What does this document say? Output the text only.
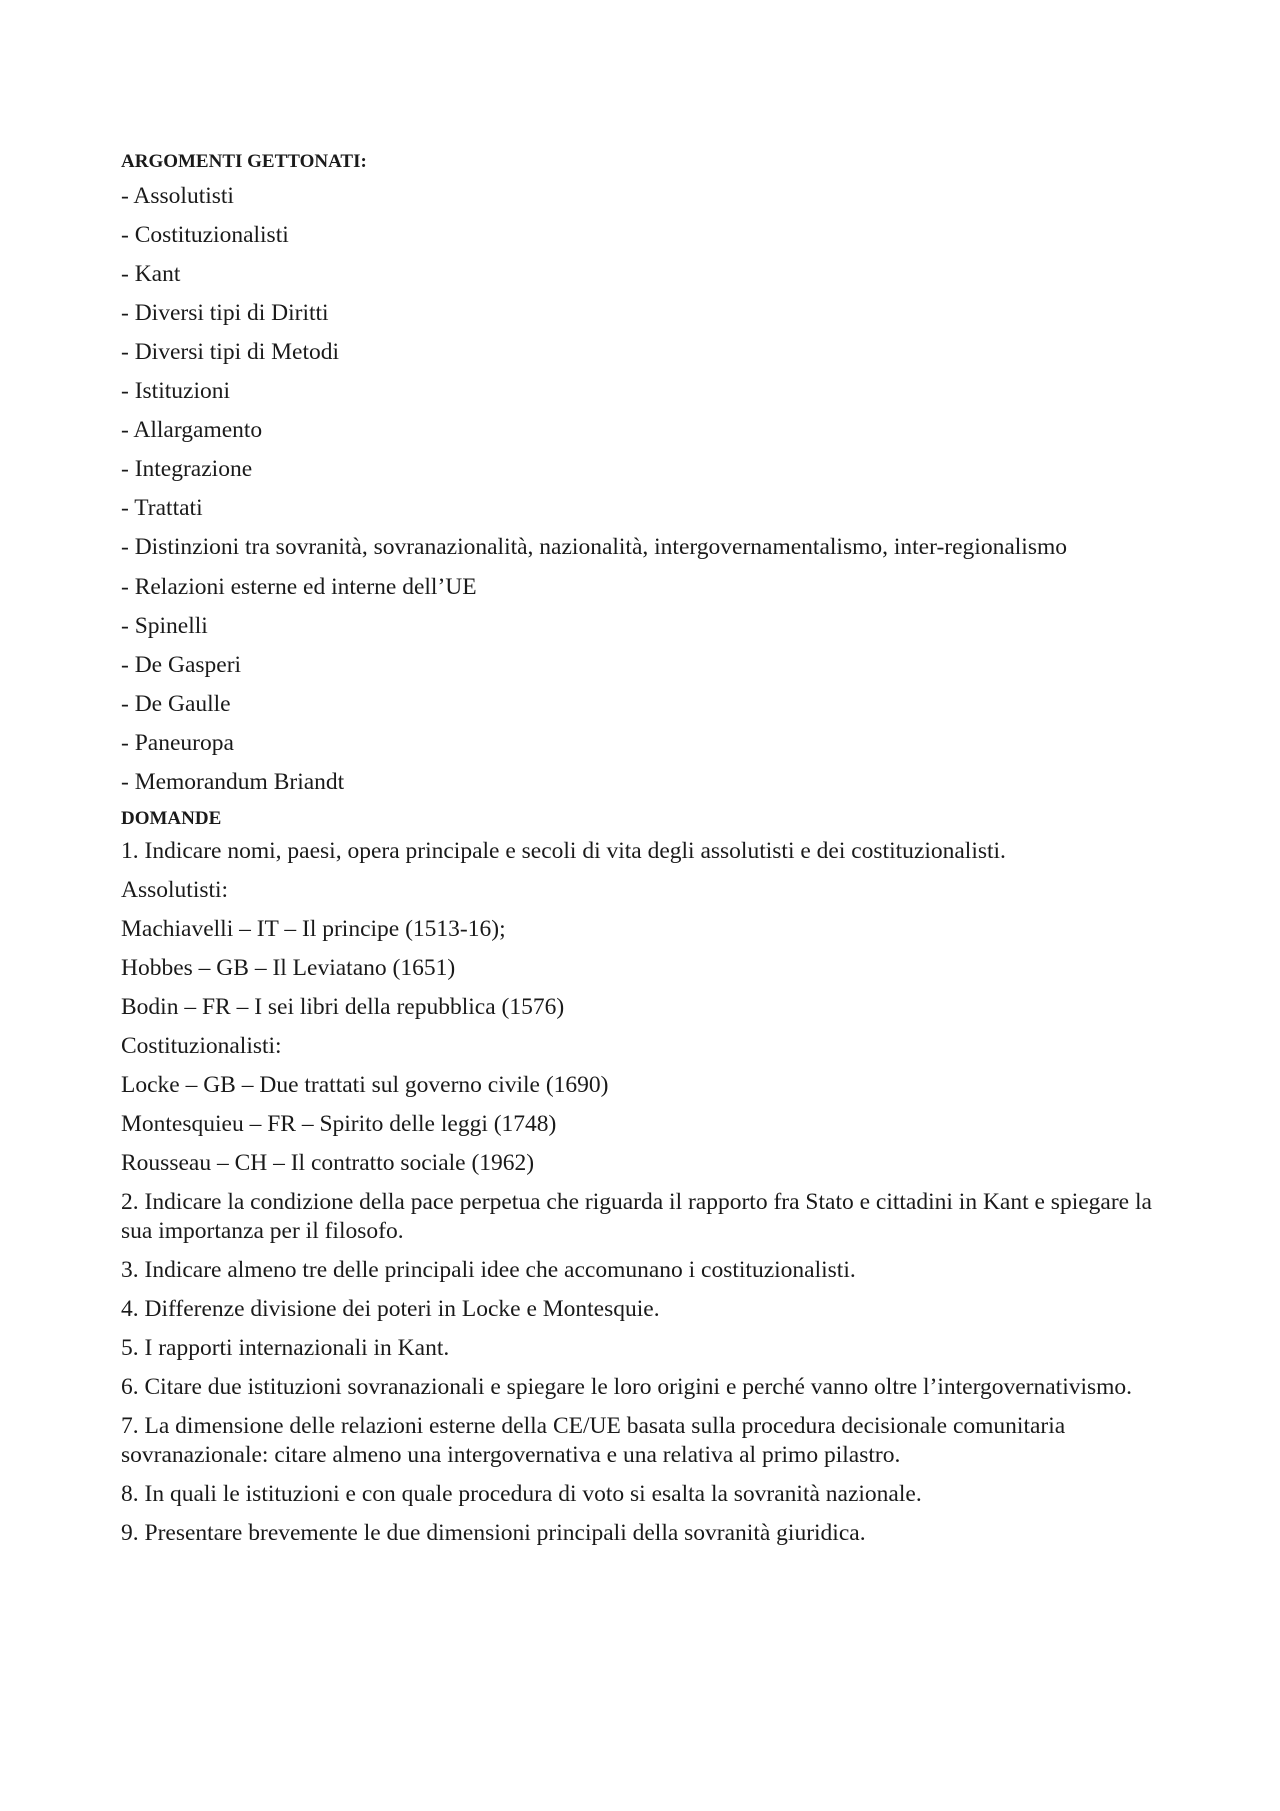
ARGOMENTI GETTONATI:
- Assolutisti
- Costituzionalisti
- Kant
- Diversi tipi di Diritti
- Diversi tipi di Metodi
- Istituzioni
- Allargamento
- Integrazione
- Trattati
- Distinzioni tra sovranità, sovranazionalità, nazionalità, intergovernamentalismo, inter-regionalismo
- Relazioni esterne ed interne dell’UE
- Spinelli
- De Gasperi
- De Gaulle
- Paneuropa
- Memorandum Briandt
DOMANDE
1. Indicare nomi, paesi, opera principale e secoli di vita degli assolutisti e dei costituzionalisti.
Assolutisti:
Machiavelli – IT – Il principe (1513-16);
Hobbes – GB – Il Leviatano (1651)
Bodin – FR – I sei libri della repubblica (1576)
Costituzionalisti:
Locke – GB – Due trattati sul governo civile (1690)
Montesquieu – FR – Spirito delle leggi (1748)
Rousseau – CH – Il contratto sociale (1962)
2. Indicare la condizione della pace perpetua che riguarda il rapporto fra Stato e cittadini in Kant e spiegare la sua importanza per il filosofo.
3. Indicare almeno tre delle principali idee che accomunano i costituzionalisti.
4. Differenze divisione dei poteri in Locke e Montesquie.
5. I rapporti internazionali in Kant.
6. Citare due istituzioni sovranazionali e spiegare le loro origini e perché vanno oltre l’intergovernativismo.
7. La dimensione delle relazioni esterne della CE/UE basata sulla procedura decisionale comunitaria sovranazionale: citare almeno una intergovernativa e una relativa al primo pilastro.
8. In quali le istituzioni e con quale procedura di voto si esalta la sovranità nazionale.
9. Presentare brevemente le due dimensioni principali della sovranità giuridica.
